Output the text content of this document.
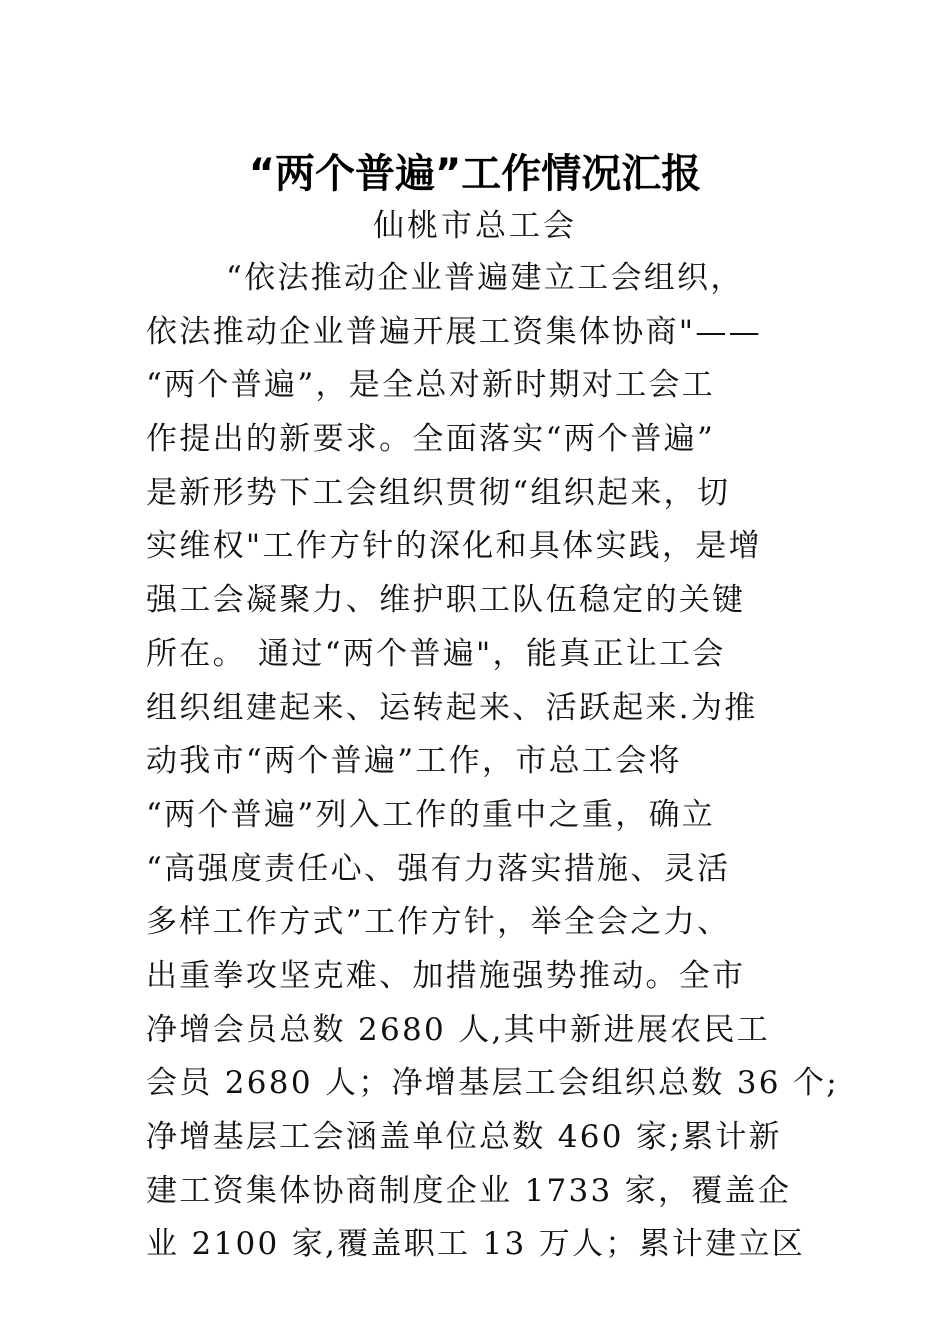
“两个普遍”工作情况汇报
仙桃市总工会
“依法推动企业普遍建立工会组织，
依法推动企业普遍开展工资集体协商"——
“两个普遍”，是全总对新时期对工会工
作提出的新要求。全面落实“两个普遍”
是新形势下工会组织贯彻“组织起来，切
实维权"工作方针的深化和具体实践，是增
强工会凝聚力、维护职工队伍稳定的关键
所在。 通过“两个普遍"，能真正让工会
组织组建起来、运转起来、活跃起来.为推
动我市“两个普遍”工作，市总工会将
“两个普遍”列入工作的重中之重，确立
“高强度责任心、强有力落实措施、灵活
多样工作方式”工作方针，举全会之力、
出重拳攻坚克难、加措施强势推动。全市
净增会员总数 2680 人,其中新进展农民工
会员 2680 人；净增基层工会组织总数 36 个;
净增基层工会涵盖单位总数 460 家;累计新
建工资集体协商制度企业 1733 家，覆盖企
业 2100 家,覆盖职工 13 万人；累计建立区
